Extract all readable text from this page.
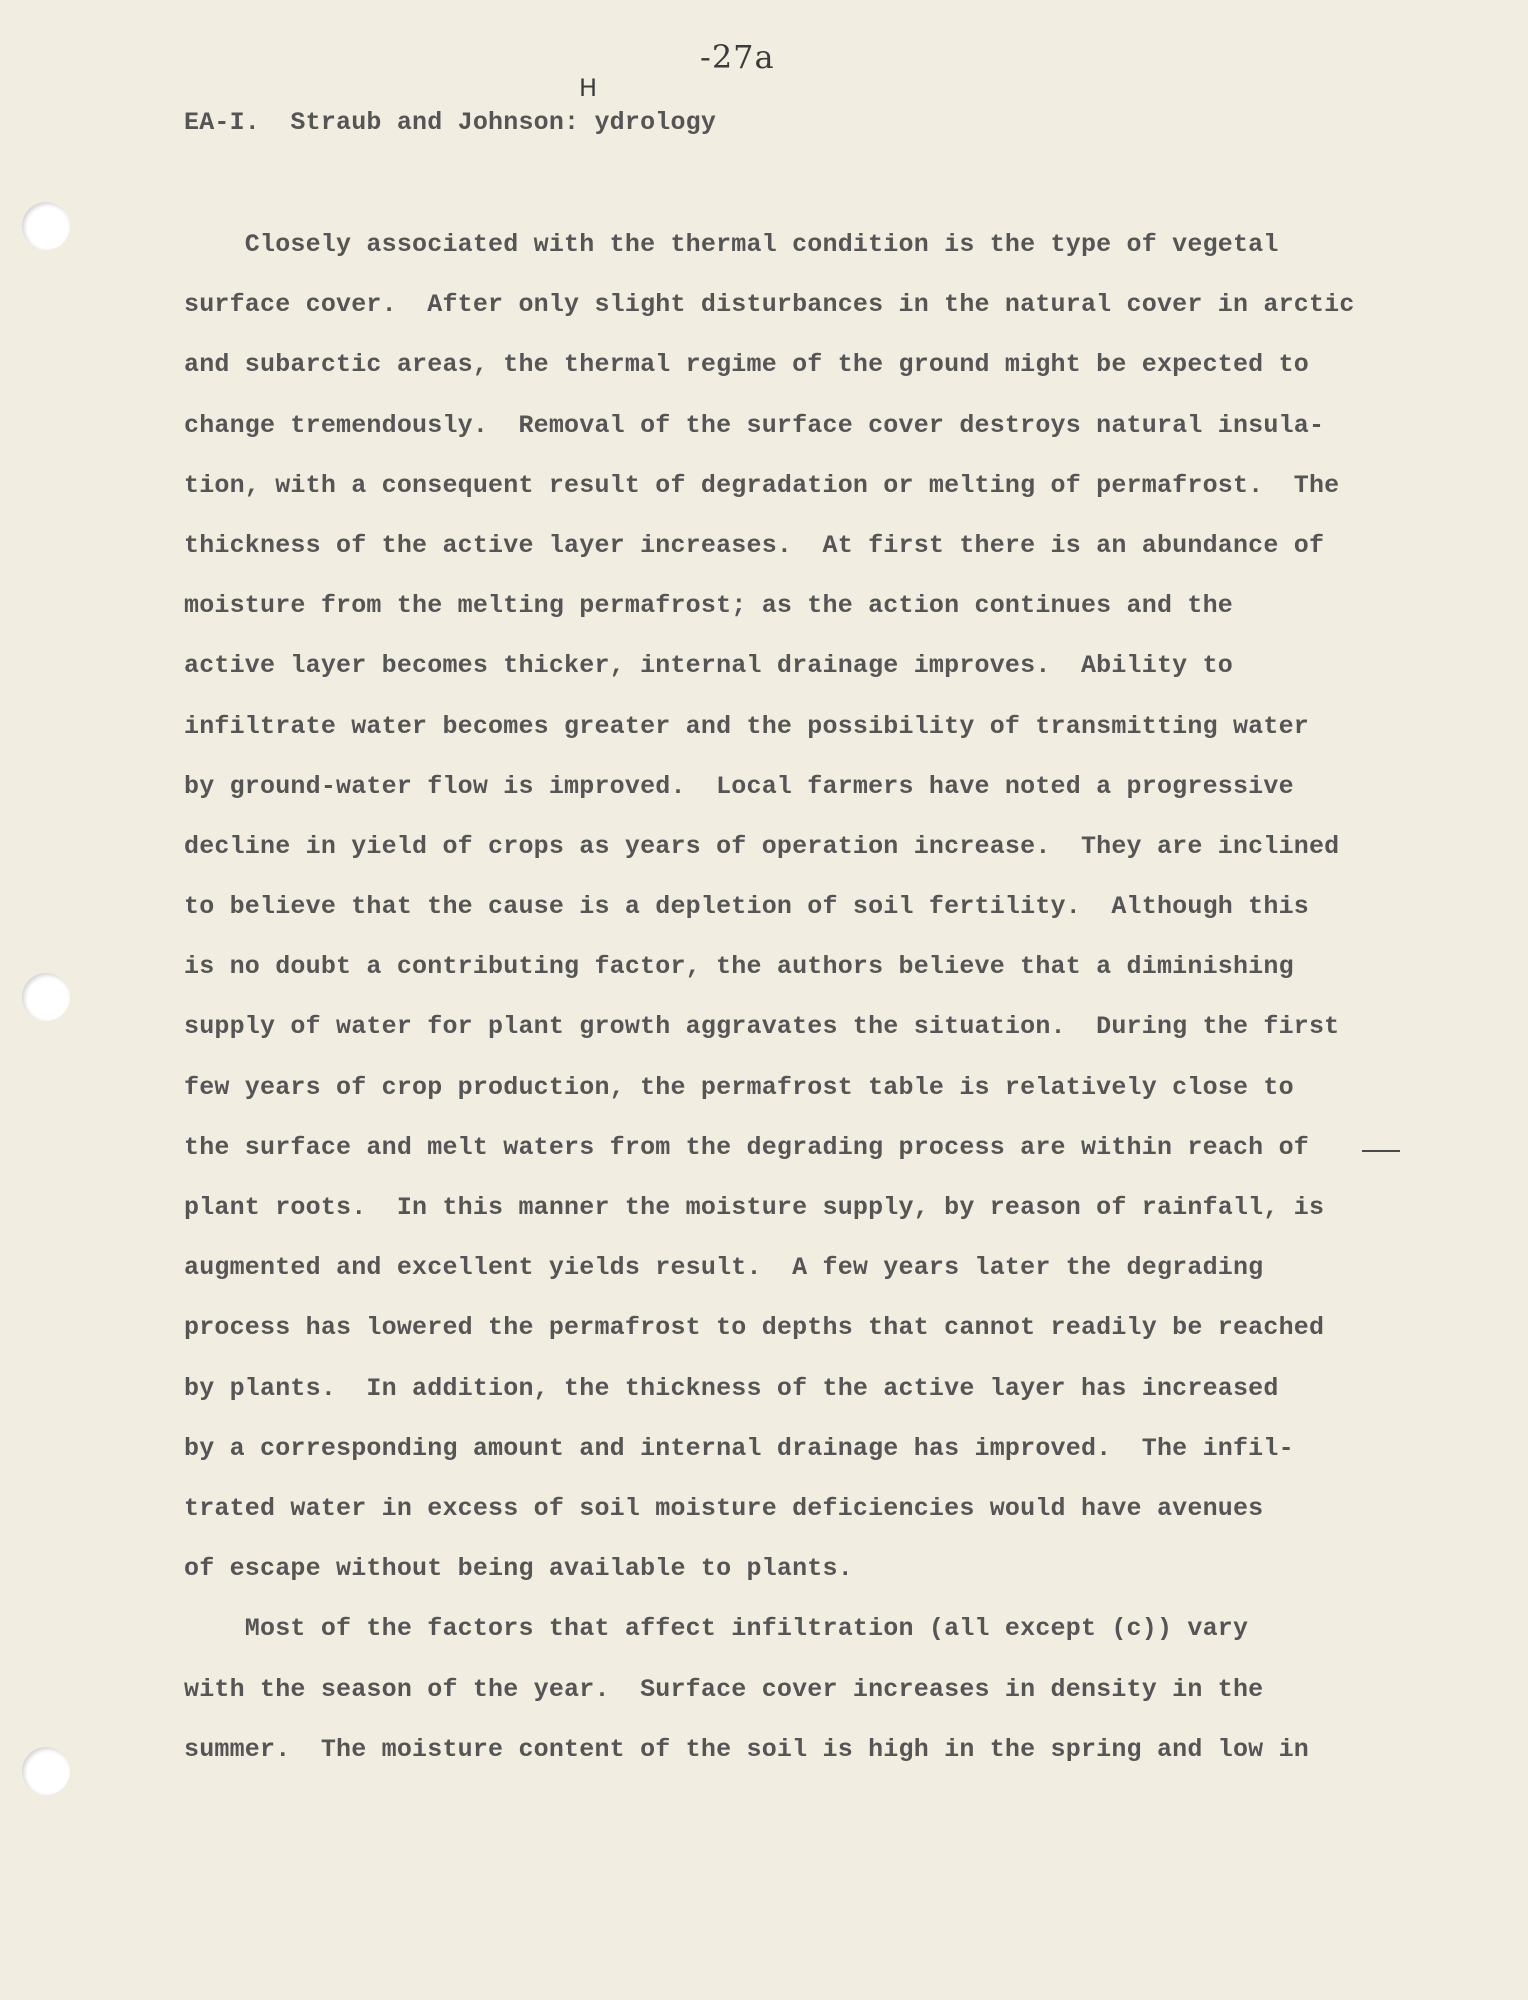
-27a
H
EA-I.  Straub and Johnson: ydrology
Closely associated with the thermal condition is the type of vegetal
surface cover.  After only slight disturbances in the natural cover in arctic
and subarctic areas, the thermal regime of the ground might be expected to
change tremendously.  Removal of the surface cover destroys natural insula-
tion, with a consequent result of degradation or melting of permafrost.  The
thickness of the active layer increases.  At first there is an abundance of
moisture from the melting permafrost; as the action continues and the
active layer becomes thicker, internal drainage improves.  Ability to
infiltrate water becomes greater and the possibility of transmitting water
by ground-water flow is improved.  Local farmers have noted a progressive
decline in yield of crops as years of operation increase.  They are inclined
to believe that the cause is a depletion of soil fertility.  Although this
is no doubt a contributing factor, the authors believe that a diminishing
supply of water for plant growth aggravates the situation.  During the first
few years of crop production, the permafrost table is relatively close to
the surface and melt waters from the degrading process are within reach of
plant roots.  In this manner the moisture supply, by reason of rainfall, is
augmented and excellent yields result.  A few years later the degrading
process has lowered the permafrost to depths that cannot readily be reached
by plants.  In addition, the thickness of the active layer has increased
by a corresponding amount and internal drainage has improved.  The infil-
trated water in excess of soil moisture deficiencies would have avenues
of escape without being available to plants.
Most of the factors that affect infiltration (all except (c)) vary
with the season of the year.  Surface cover increases in density in the
summer.  The moisture content of the soil is high in the spring and low in
